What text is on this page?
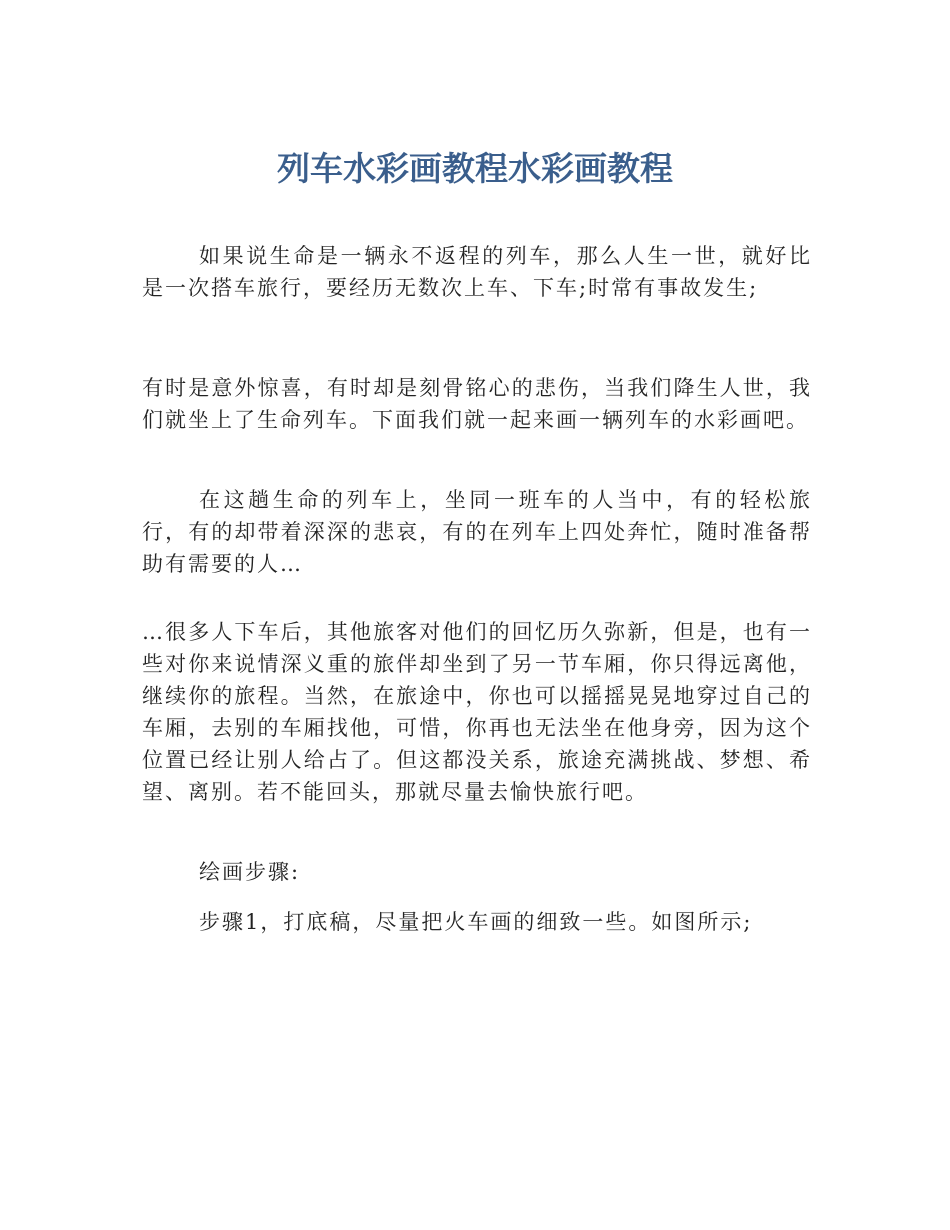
列车水彩画教程水彩画教程
如果说生命是一辆永不返程的列车，那么人生一世，就好比是一次搭车旅行，要经历无数次上车、下车;时常有事故发生;
有时是意外惊喜，有时却是刻骨铭心的悲伤，当我们降生人世，我们就坐上了生命列车。下面我们就一起来画一辆列车的水彩画吧。
在这趟生命的列车上，坐同一班车的人当中，有的轻松旅行，有的却带着深深的悲哀，有的在列车上四处奔忙，随时准备帮助有需要的人…
…很多人下车后，其他旅客对他们的回忆历久弥新，但是，也有一些对你来说情深义重的旅伴却坐到了另一节车厢，你只得远离他，继续你的旅程。当然，在旅途中，你也可以摇摇晃晃地穿过自己的车厢，去别的车厢找他，可惜，你再也无法坐在他身旁，因为这个位置已经让别人给占了。但这都没关系，旅途充满挑战、梦想、希望、离别。若不能回头，那就尽量去愉快旅行吧。
绘画步骤:
步骤1，打底稿，尽量把火车画的细致一些。如图所示;
